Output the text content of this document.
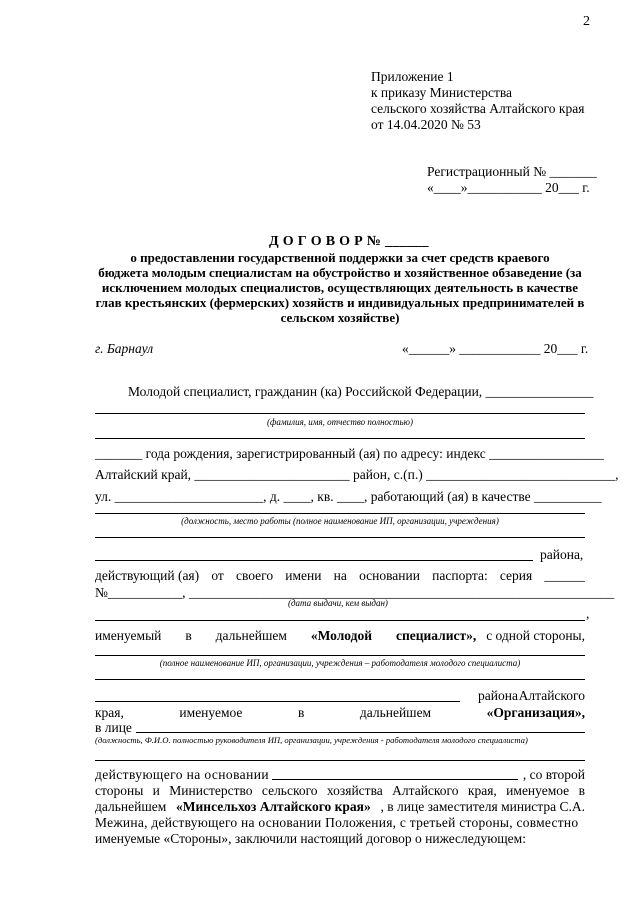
2
Приложение 1
к приказу Министерства
сельского хозяйства Алтайского края
от 14.04.2020 № 53
Регистрационный № _______
«____»___________ 20___ г.
Д О Г О В О Р № ______
о предоставлении государственной поддержки за счет средств краевого
бюджета молодым специалистам на обустройство и хозяйственное обзаведение (за
исключением молодых специалистов, осуществляющих деятельность в качестве
глав крестьянских (фермерских) хозяйств и индивидуальных предпринимателей в
сельском хозяйстве)
г. Барнаул	«______» ____________ 20___ г.
Молодой специалист, гражданин (ка) Российской Федерации, ________________
(фамилия, имя, отчество полностью)
_______ года рождения, зарегистрированный (ая) по адресу: индекс _________________
Алтайский край, _______________________ район, с.(п.) ____________________________,
ул. ______________________, д. ____, кв. ____, работающий (ая) в качестве __________
(должность, место работы (полное наименование ИП, организации, учреждения)
района,
действующий (ая) от своего имени на основании паспорта: серия ______
№___________, _______________________________________________________________
(дата выдачи, кем выдан)
,
именуемый в дальнейшем «Молодой специалист», с одной стороны,
(полное наименование ИП, организации, учреждения – работодателя молодого специалиста)
района Алтайского
края,	именуемое	в	дальнейшем	«Организация»,
в лице
(должность, Ф.И.О. полностью руководителя ИП, организации, учреждения - работодателя молодого специалиста)
действующего на основании	, со второй
стороны и Министерство сельского хозяйства Алтайского края, именуемое в
дальнейшем «Минсельхоз Алтайского края» , в лице заместителя министра С.А.
Межина, действующего на основании Положения, с третьей стороны, совместно
именуемые «Стороны», заключили настоящий договор о нижеследующем:
